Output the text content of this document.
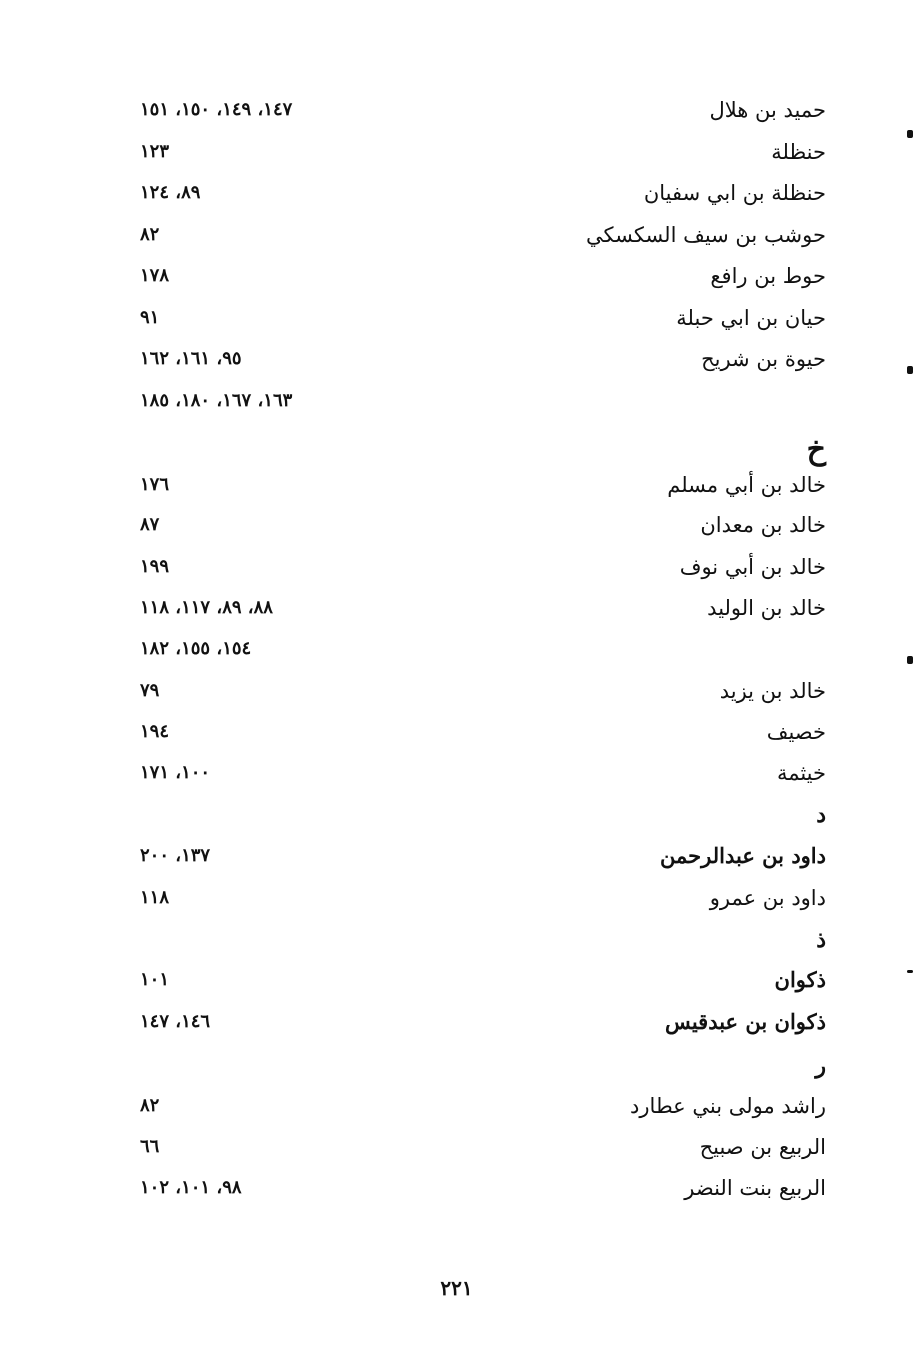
حميد بن هلال
١٤٧، ١٤٩، ١٥٠، ١٥١
حنظلة
١٢٣
حنظلة بن ابي سفيان
٨٩، ١٢٤
حوشب بن سيف السكسكي
٨٢
حوط بن رافع
١٧٨
حيان بن ابي حبلة
٩١
حيوة بن شريح
٩٥، ١٦١، ١٦٢
١٦٣، ١٦٧، ١٨٠، ١٨٥
خ
خالد بن أبي مسلم
١٧٦
خالد بن معدان
٨٧
خالد بن أبي نوف
١٩٩
خالد بن الوليد
٨٨، ٨٩، ١١٧، ١١٨
١٥٤، ١٥٥، ١٨٢
خالد بن يزيد
٧٩
خصيف
١٩٤
خيثمة
١٠٠، ١٧١
د
داود بن عبدالرحمن
١٣٧، ٢٠٠
داود بن عمرو
١١٨
ذ
ذكوان
١٠١
ذكوان بن عبدقيس
١٤٦، ١٤٧
ر
راشد مولى بني عطارد
٨٢
الربيع بن صبيح
٦٦
الربيع بنت النضر
٩٨، ١٠١، ١٠٢
٢٢١
